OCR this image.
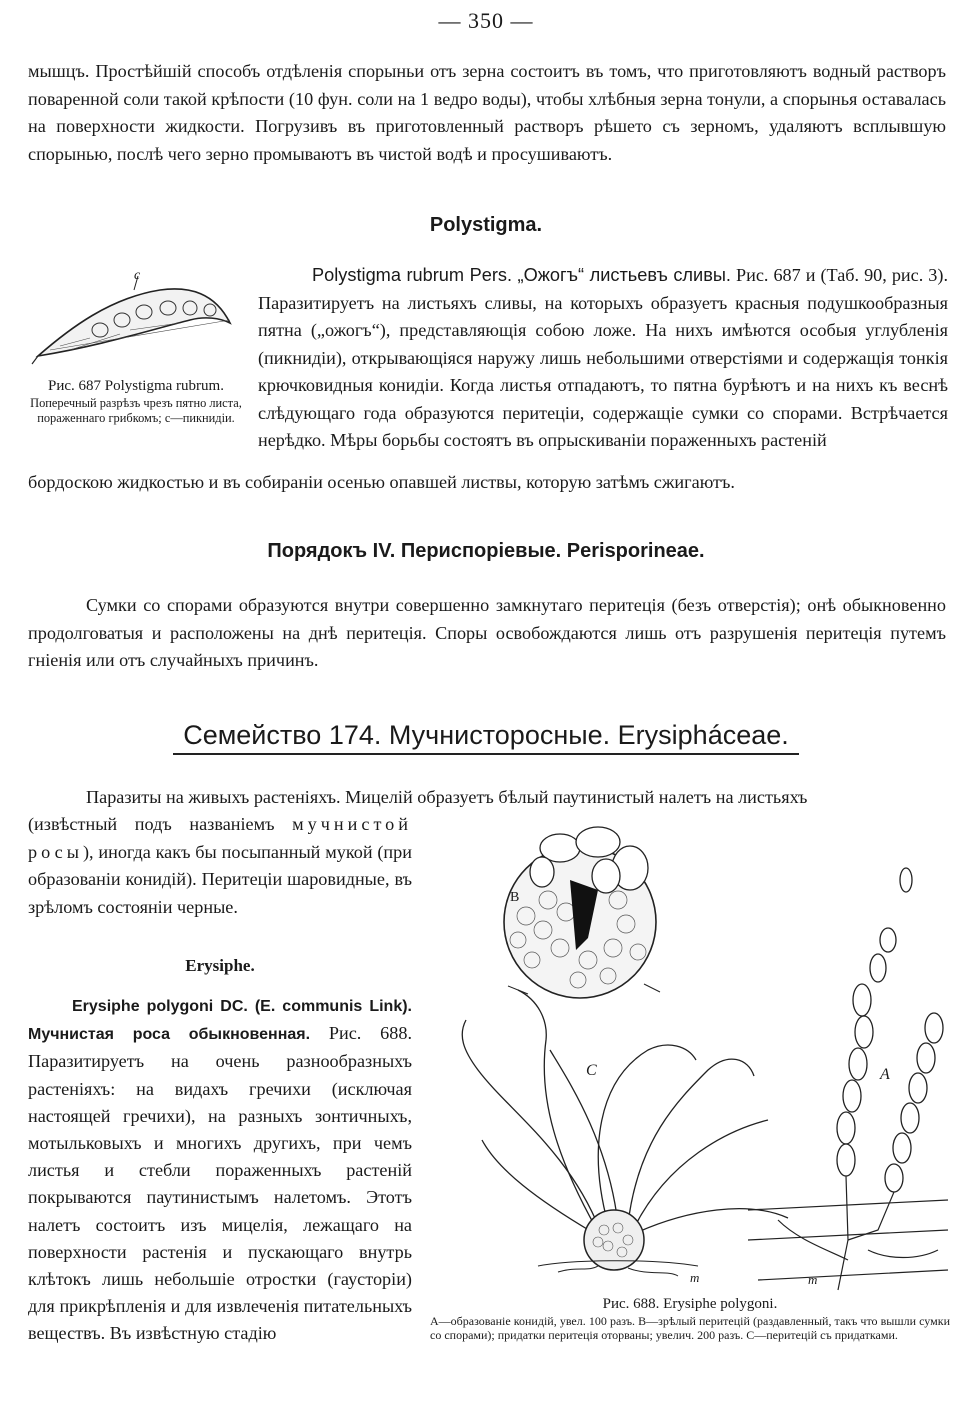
— 350 —

мышцъ. Простѣйшій способъ отдѣленія спорыньи отъ зерна состоитъ въ томъ, что приготовляютъ водный растворъ поваренной соли такой крѣпости (10 фун. соли на 1 ведро воды), чтобы хлѣбныя зерна тонули, а спорынья оставалась на поверхности жидкости. Погрузивъ въ приготовленный растворъ рѣшето съ зерномъ, удаляютъ всплывшую спорынью, послѣ чего зерно промываютъ въ чистой водѣ и просушиваютъ.

Polystigma.
c
Рис. 687 Polystigma rubrum.
Поперечный разрѣзъ чрезъ пятно листа, пораженнаго грибкомъ; c—пикнидіи.

Polystigma rubrum Pers. „Ожогъ“ листьевъ сливы. Рис. 687 и (Таб. 90, рис. 3). Паразитируетъ на листьяхъ сливы, на которыхъ образуетъ красныя подушкообразныя пятна („ожогъ“), представляющія собою ложе. На нихъ имѣются особыя углубленія (пикнидіи), открывающіяся наружу лишь небольшими отверстіями и содержащія тонкія крючковидныя конидіи. Когда листья отпадаютъ, то пятна бурѣютъ и на нихъ къ веснѣ слѣдующаго года образуются перитеціи, содержащіе сумки со спорами. Встрѣчается нерѣдко. Мѣры борьбы состоятъ въ опрыскиваніи пораженныхъ растеній

бордоскою жидкостью и въ собираніи осенью опавшей листвы, которую затѣмъ сжигаютъ.

Порядокъ IV. Периспоріевые. Perisporineae.

Сумки со спорами образуются внутри совершенно замкнутаго перитеція (безъ отверстія); онѣ обыкновенно продолговатыя и расположены на днѣ перитеція. Споры освобождаются лишь отъ разрушенія перитеція путемъ гніенія или отъ случайныхъ причинъ.

Семейство 174. Мучнисторосные. Erysipháceae.

Паразиты на живыхъ растеніяхъ. Мицелій образуетъ бѣлый паутинистый налетъ на листьяхъ

(извѣстный подъ названіемъ мучнистой росы), иногда какъ бы посыпанный мукой (при образованіи конидій). Перитеціи шаровидные, въ зрѣломъ состояніи черные.

Erysiphe.

Erysiphe polygoni DC. (E. communis Link). Мучнистая роса обыкновенная. Рис. 688. Паразитируетъ на очень разнообразныхъ растеніяхъ: на видахъ гречихи (исключая настоящей гречихи), на разныхъ зонтичныхъ, мотыльковыхъ и многихъ другихъ, при чемъ листья и стебли пораженныхъ растеній покрываются паутинистымъ налетомъ. Этотъ налетъ состоитъ изъ мицелія, лежащаго на поверхности растенія и пускающаго внутрь клѣтокъ лишь небольшіе отростки (гаусторіи) для прикрѣпленія и для извлеченія питательныхъ веществъ. Въ извѣстную стадію

B
C	A
m	m
Рис. 688. Erysiphe polygoni.
A—образованіе конидій, увел. 100 разъ. B—зрѣлый перитецій (раздавленный, такъ что вышли сумки со спорами); придатки перитеція оторваны; увелич. 200 разъ. C—перитецій съ придатками.
